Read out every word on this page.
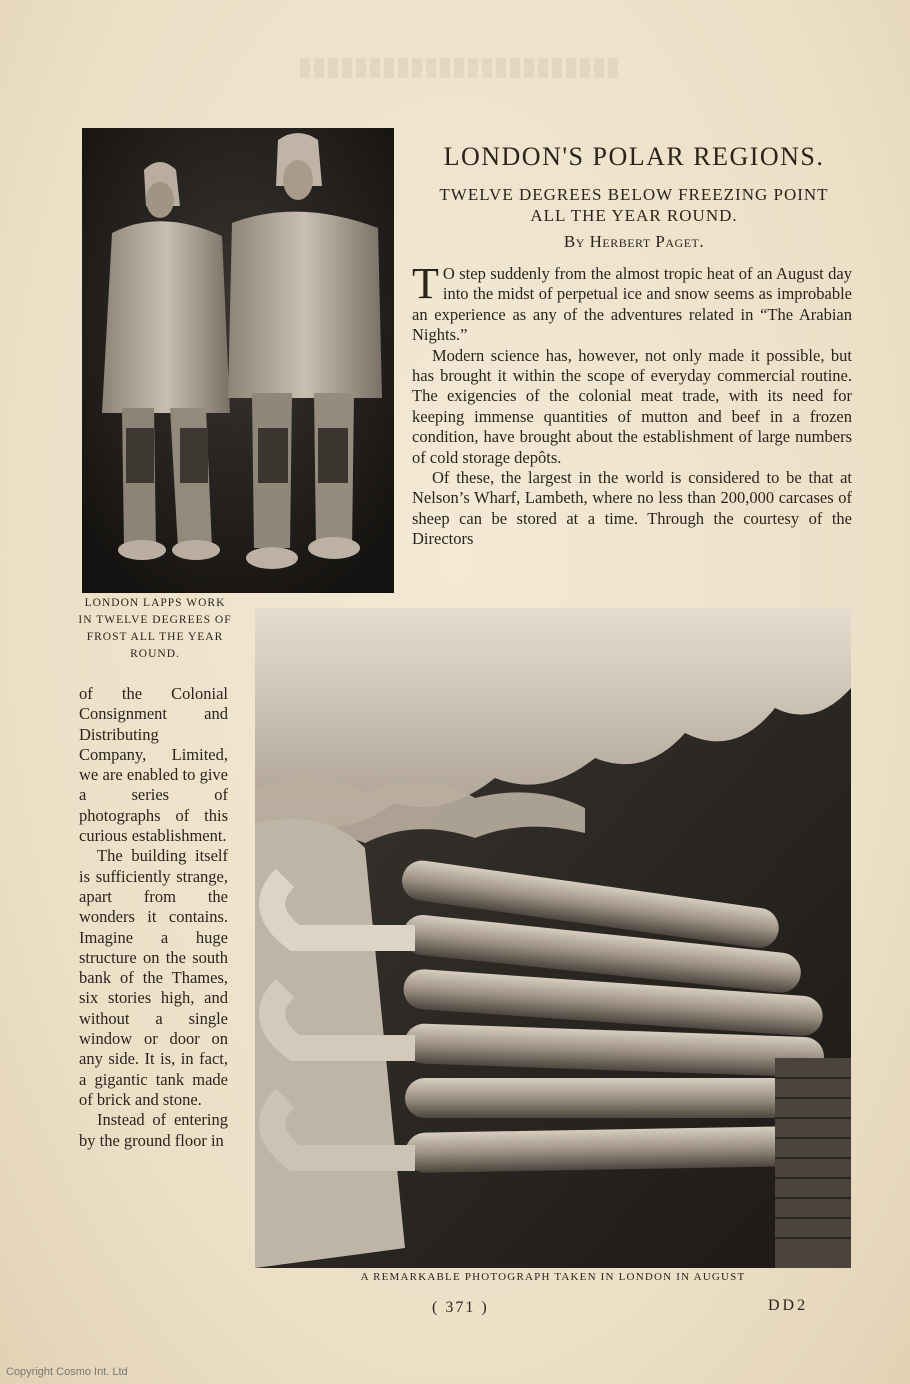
LONDON'S POLAR REGIONS.
TWELVE DEGREES BELOW FREEZING POINT
ALL THE YEAR ROUND.
By Herbert Paget.

T O step suddenly from the almost tropic heat of an August day into the midst of perpetual ice and snow seems as improbable an experience as any of the adventures related in “The Arabian Nights.”

Modern science has, however, not only made it possible, but has brought it within the scope of everyday commercial routine. The exigencies of the colonial meat trade, with its need for keeping immense quantities of mutton and beef in a frozen condition, have brought about the establishment of large numbers of cold storage depôts.

Of these, the largest in the world is considered to be that at Nelson’s Wharf, Lambeth, where no less than 200,000 carcases of sheep can be stored at a time. Through the courtesy of the Directors

LONDON LAPPS WORK IN TWELVE DEGREES OF FROST ALL THE YEAR ROUND.

of the Colonial Consignment and Distributing Company, Limited, we are enabled to give a series of photographs of this curious establishment.

The building itself is sufficiently strange, apart from the wonders it contains. Imagine a huge structure on the south bank of the Thames, six stories high, and without a single window or door on any side. It is, in fact, a gigantic tank made of brick and stone.

Instead of entering by the ground floor in

A REMARKABLE PHOTOGRAPH TAKEN IN LONDON IN AUGUST
( 371 )	DD2
Copyright Cosmo Int. Ltd
